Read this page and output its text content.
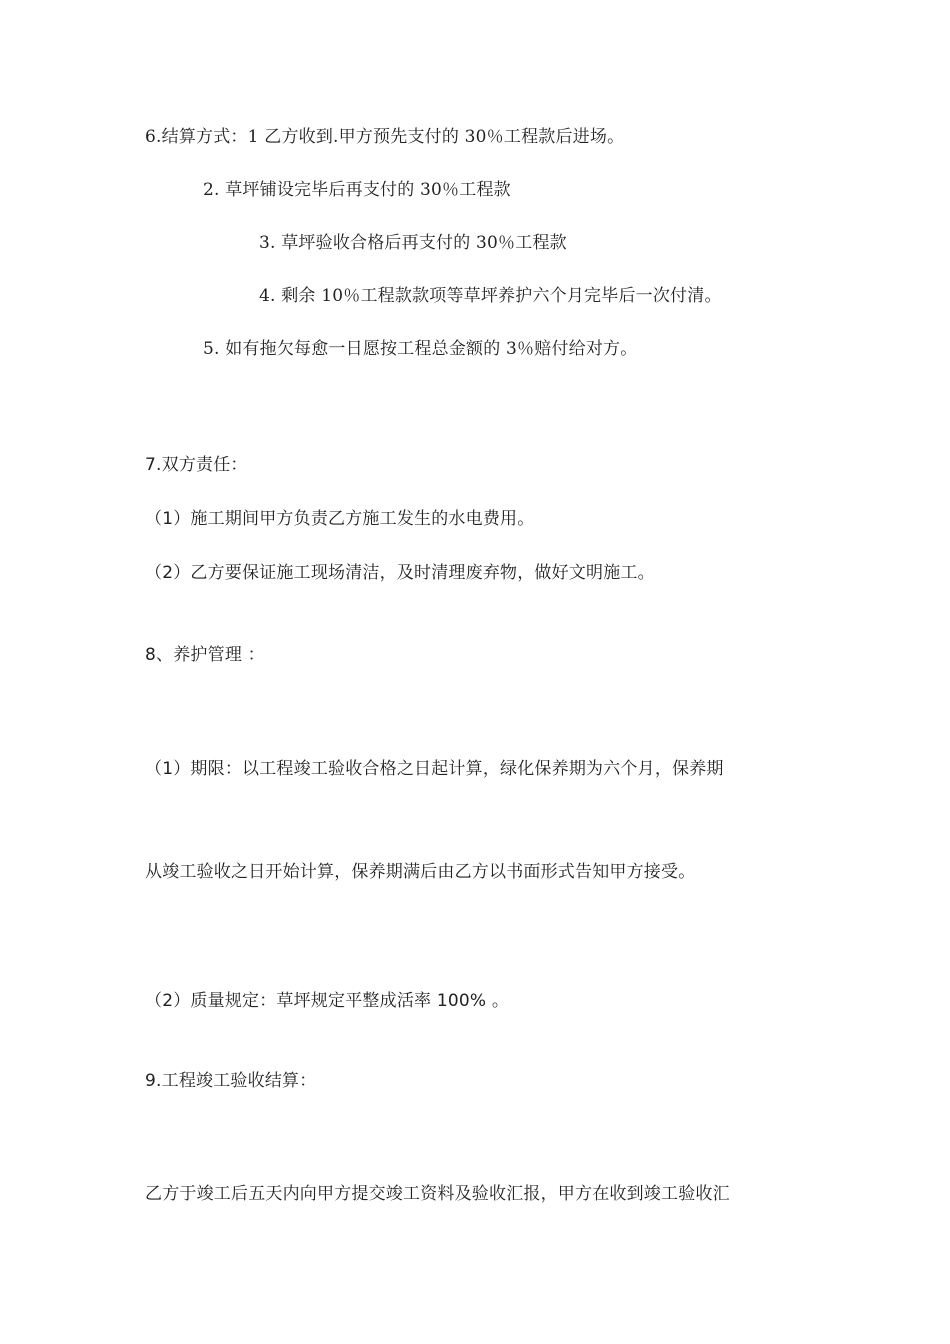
6.结算方式：1 乙方收到.甲方预先支付的 30％工程款后进场。
2. 草坪铺设完毕后再支付的 30％工程款
3. 草坪验收合格后再支付的 30％工程款
4. 剩余 10％工程款款项等草坪养护六个月完毕后一次付清。
5. 如有拖欠每愈一日愿按工程总金额的 3％赔付给对方。
7.双方责任：
（1）施工期间甲方负责乙方施工发生的水电费用。
（2）乙方要保证施工现场清洁，及时清理废弃物，做好文明施工。
8、养护管理 ：
（1）期限：以工程竣工验收合格之日起计算，绿化保养期为六个月，保养期
从竣工验收之日开始计算，保养期满后由乙方以书面形式告知甲方接受。
（2）质量规定：草坪规定平整成活率 100% 。
9.工程竣工验收结算：
乙方于竣工后五天内向甲方提交竣工资料及验收汇报，甲方在收到竣工验收汇
